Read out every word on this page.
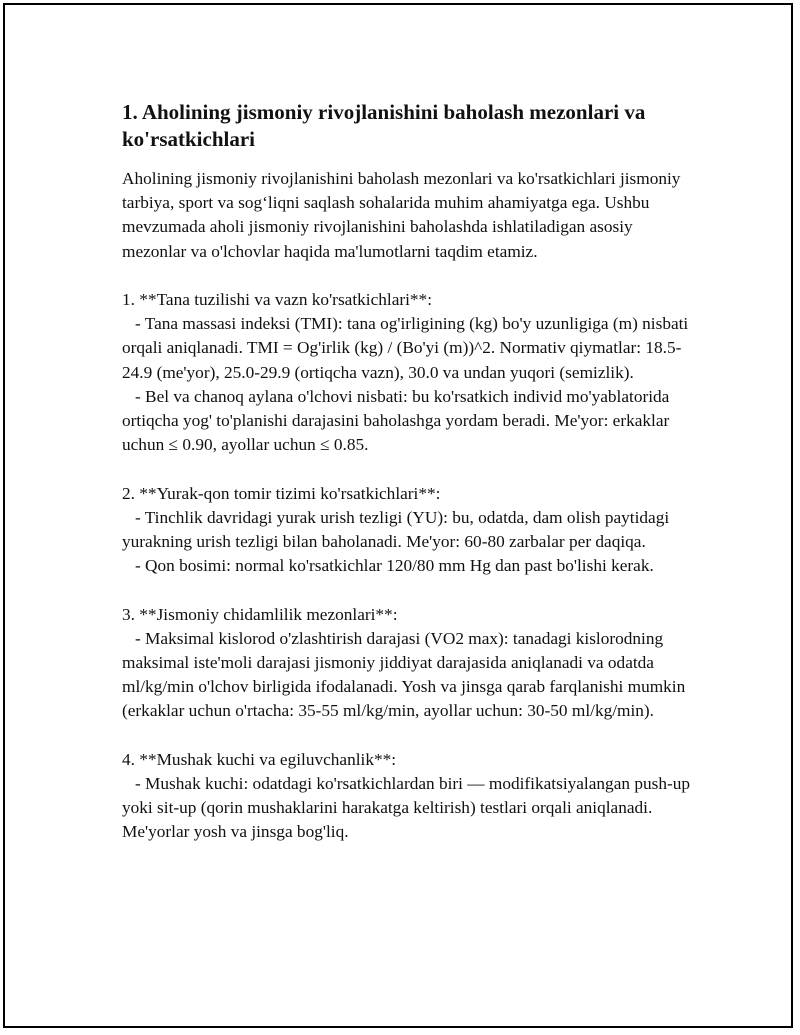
1. Aholining jismoniy rivojlanishini baholash mezonlari va ko'rsatkichlari

Aholining jismoniy rivojlanishini baholash mezonlari va ko'rsatkichlari jismoniy tarbiya, sport va sog‘liqni saqlash sohalarida muhim ahamiyatga ega. Ushbu mevzumada aholi jismoniy rivojlanishini baholashda ishlatiladigan asosiy mezonlar va o'lchovlar haqida ma'lumotlarni taqdim etamiz.

1. **Tana tuzilishi va vazn ko'rsatkichlari**:
- Tana massasi indeksi (TMI): tana og'irligining (kg) bo'y uzunligiga (m) nisbati orqali aniqlanadi. TMI = Og'irlik (kg) / (Bo'yi (m))^2. Normativ qiymatlar: 18.5-24.9 (me'yor), 25.0-29.9 (ortiqcha vazn), 30.0 va undan yuqori (semizlik).
- Bel va chanoq aylana o'lchovi nisbati: bu ko'rsatkich individ mo'yablatorida ortiqcha yog' to'planishi darajasini baholashga yordam beradi. Me'yor: erkaklar uchun ≤ 0.90, ayollar uchun ≤ 0.85.

2. **Yurak-qon tomir tizimi ko'rsatkichlari**:
- Tinchlik davridagi yurak urish tezligi (YU): bu, odatda, dam olish paytidagi yurakning urish tezligi bilan baholanadi. Me'yor: 60-80 zarbalar per daqiqa.
- Qon bosimi: normal ko'rsatkichlar 120/80 mm Hg dan past bo'lishi kerak.

3. **Jismoniy chidamlilik mezonlari**:
- Maksimal kislorod o'zlashtirish darajasi (VO2 max): tanadagi kislorodning maksimal iste'moli darajasi jismoniy jiddiyat darajasida aniqlanadi va odatda ml/kg/min o'lchov birligida ifodalanadi. Yosh va jinsga qarab farqlanishi mumkin (erkaklar uchun o'rtacha: 35-55 ml/kg/min, ayollar uchun: 30-50 ml/kg/min).

4. **Mushak kuchi va egiluvchanlik**:
- Mushak kuchi: odatdagi ko'rsatkichlardan biri — modifikatsiyalangan push-up yoki sit-up (qorin mushaklarini harakatga keltirish) testlari orqali aniqlanadi. Me'yorlar yosh va jinsga bog'liq.
